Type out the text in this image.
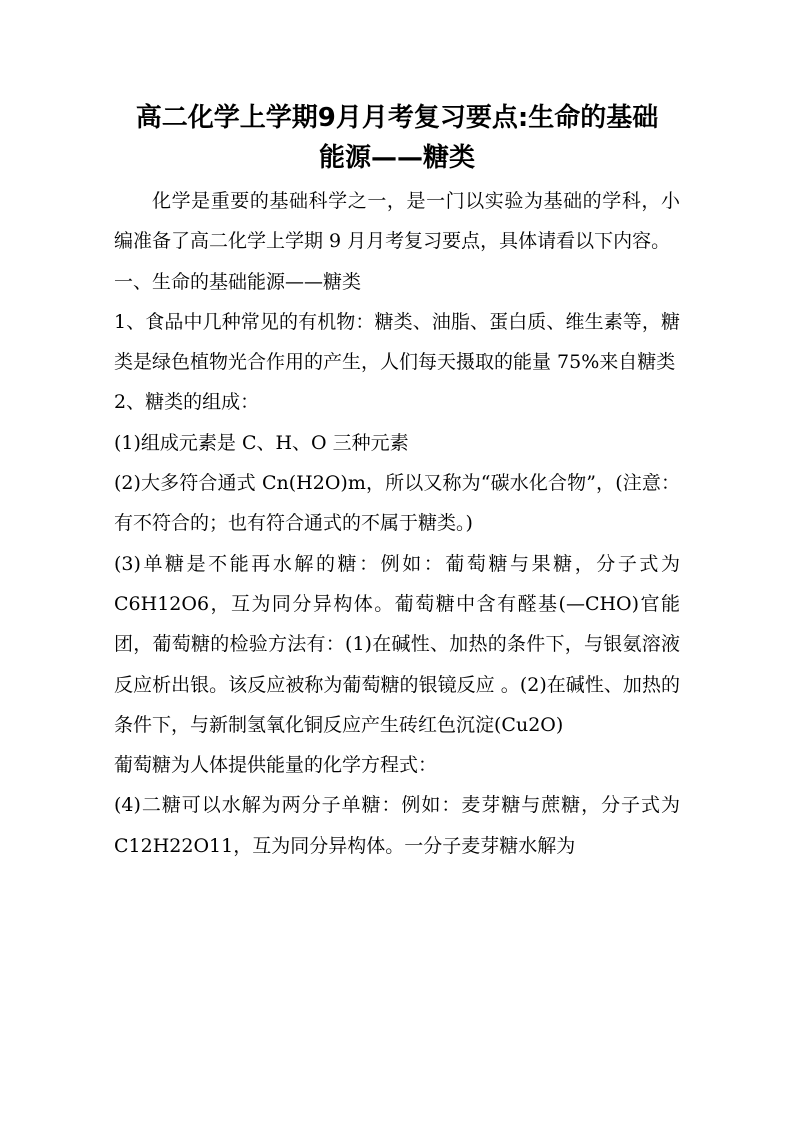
高二化学上学期9月月考复习要点:生命的基础
能源——糖类

化学是重要的基础科学之一，是一门以实验为基础的学科，小编准备了高二化学上学期 9 月月考复习要点，具体请看以下内容。

一、生命的基础能源——糖类

1、食品中几种常见的有机物：糖类、油脂、蛋白质、维生素等，糖类是绿色植物光合作用的产生，人们每天摄取的能量 75%来自糖类

2、糖类的组成：

(1)组成元素是 C、H、O 三种元素

(2)大多符合通式 Cn(H2O)m，所以又称为“碳水化合物”，(注意：有不符合的；也有符合通式的不属于糖类。)

(3)单糖是不能再水解的糖：例如：葡萄糖与果糖，分子式为 C6H12O6，互为同分异构体。葡萄糖中含有醛基(—CHO)官能团，葡萄糖的检验方法有：(1)在碱性、加热的条件下，与银氨溶液反应析出银。该反应被称为葡萄糖的银镜反应 。(2)在碱性、加热的条件下，与新制氢氧化铜反应产生砖红色沉淀(Cu2O)

葡萄糖为人体提供能量的化学方程式：

(4)二糖可以水解为两分子单糖：例如：麦芽糖与蔗糖，分子式为 C12H22O11，互为同分异构体。一分子麦芽糖水解为
